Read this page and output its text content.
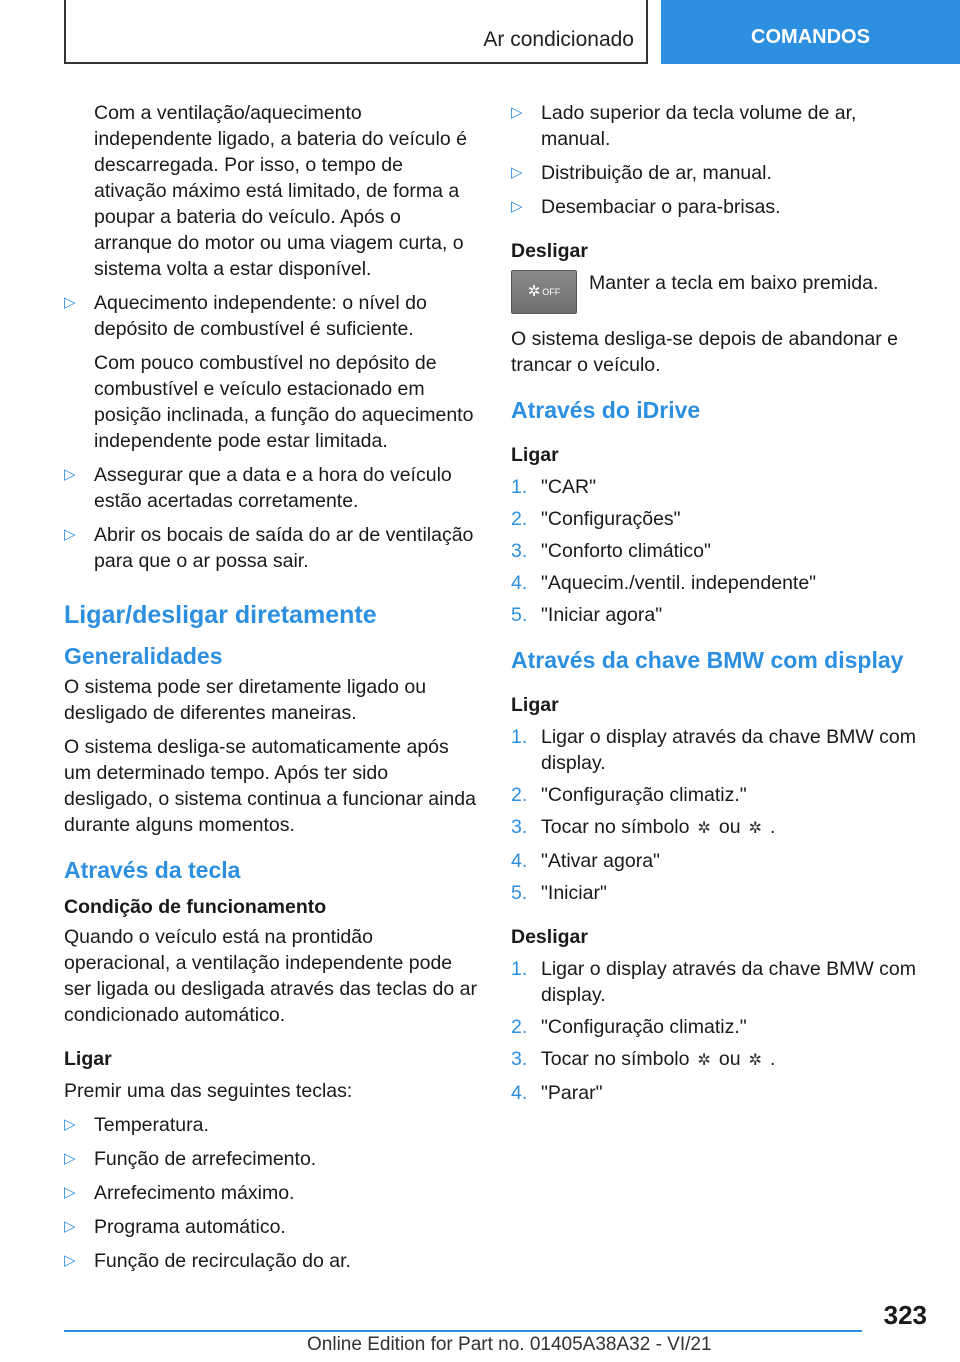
Ar condicionado	COMANDOS

Com a ventilação/aquecimento independente ligado, a bateria do veículo é descarregada. Por isso, o tempo de ativação máximo está limitado, de forma a poupar a bateria do veículo. Após o arranque do motor ou uma viagem curta, o sistema volta a estar disponível.

▷ Aquecimento independente: o nível do depósito de combustível é suficiente.

Com pouco combustível no depósito de combustível e veículo estacionado em posição inclinada, a função do aquecimento independente pode estar limitada.

▷ Assegurar que a data e a hora do veículo estão acertadas corretamente.
▷ Abrir os bocais de saída do ar de ventilação para que o ar possa sair.
Ligar/desligar diretamente
Generalidades

O sistema pode ser diretamente ligado ou desligado de diferentes maneiras.

O sistema desliga-se automaticamente após um determinado tempo. Após ter sido desligado, o sistema continua a funcionar ainda durante alguns momentos.

Através da tecla
Condição de funcionamento

Quando o veículo está na prontidão operacional, a ventilação independente pode ser ligada ou desligada através das teclas do ar condicionado automático.

Ligar

Premir uma das seguintes teclas:

▷ Temperatura.
▷ Função de arrefecimento.
▷ Arrefecimento máximo.
▷ Programa automático.
▷ Função de recirculação do ar.
▷ Lado superior da tecla volume de ar, manual.
▷ Distribuição de ar, manual.
▷ Desembaciar o para-brisas.
Desligar
✲ OFF Manter a tecla em baixo premida.

O sistema desliga-se depois de abandonar e trancar o veículo.

Através do iDrive
Ligar
1. "CAR"
2. "Configurações"
3. "Conforto climático"
4. "Aquecim./ventil. independente"
5. "Iniciar agora"
Através da chave BMW com display
Ligar
1. Ligar o display através da chave BMW com display.
2. "Configuração climatiz."
3. Tocar no símbolo ✲ ou ✲ .
4. "Ativar agora"
5. "Iniciar"
Desligar
1. Ligar o display através da chave BMW com display.
2. "Configuração climatiz."
3. Tocar no símbolo ✲ ou ✲ .
4. "Parar"
323
Online Edition for Part no. 01405A38A32 - VI/21
